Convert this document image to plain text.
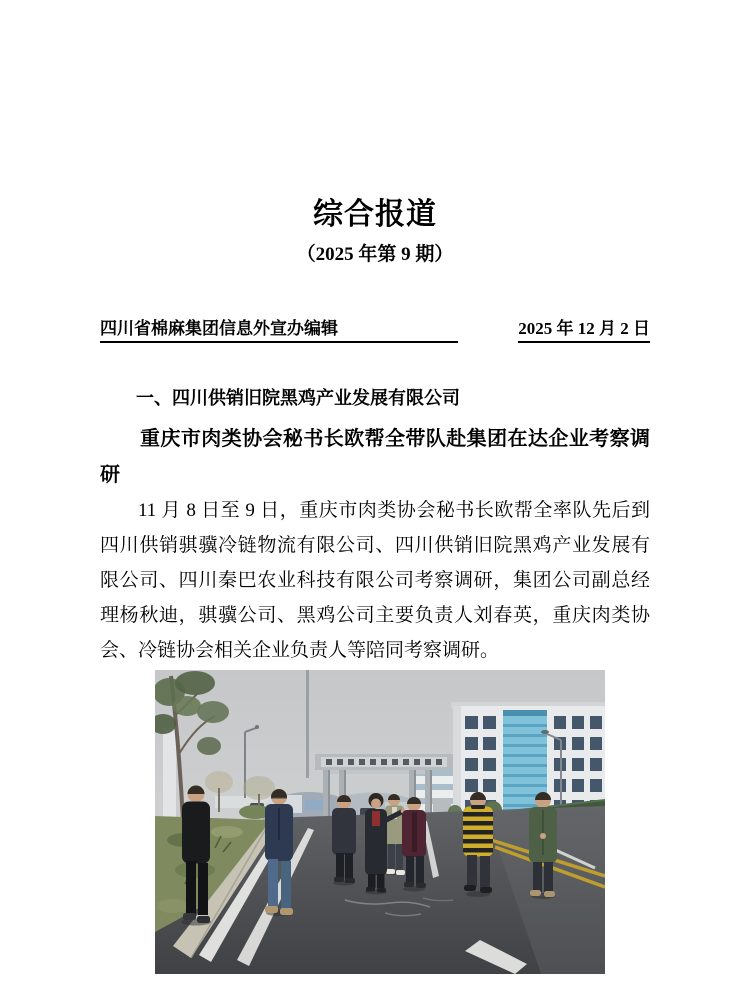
综合报道
（2025 年第 9 期）
四川省棉麻集团信息外宣办编辑	2025 年 12 月 2 日
一、四川供销旧院黑鸡产业发展有限公司
重庆市肉类协会秘书长欧帮全带队赴集团在达企业考察调研

11 月 8 日至 9 日，重庆市肉类协会秘书长欧帮全率队先后到四川供销骐骥冷链物流有限公司、四川供销旧院黑鸡产业发展有限公司、四川秦巴农业科技有限公司考察调研，集团公司副总经理杨秋迪，骐骥公司、黑鸡公司主要负责人刘春英，重庆肉类协会、冷链协会相关企业负责人等陪同考察调研。
